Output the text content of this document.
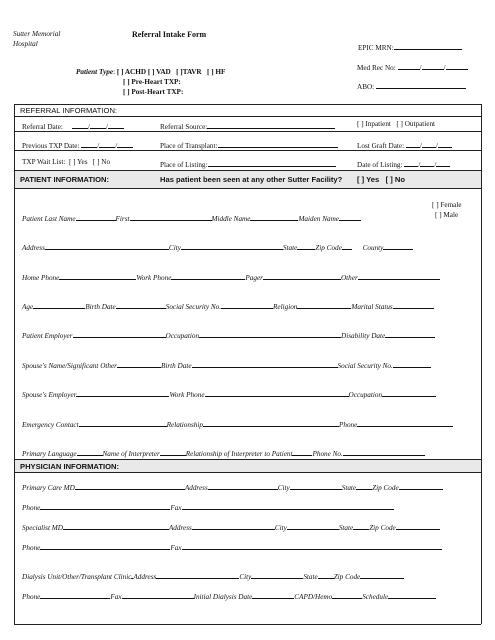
Sutter Memorial
Hospital
Referral Intake Form
EPIC MRN:
Med Rec No:	/	/
ABO:
Patient Type: [ ] ACHD [ ] VAD [ ]TAVR [ ] HF
[ ] Pre-Heart TXP:
[ ] Post-Heart TXP:
REFERRAL INFORMATION:
Referral Date:	/ /	Referral Source:	[ ] Inpatient [ ] Outpatient
Previous TXP Date: / /	Place of Transplant:	Lost Graft Date: / /
TXP Wait List: [ ] Yes [ ] No	Place of Listing:	Date of Listing: / /
PATIENT INFORMATION:	Has patient been seen at any other Sutter Facility? [ ] Yes [ ] No
[ ] Female
[ ] Male
Patient Last Name	First	Middle Name	Maiden Name
Address	City	State	Zip Code	County
Home Phone	Work Phone	Pager	Other
Age	Birth Date	Social Security No.	Religion	Marital Status
Patient Employer	Occupation	Disability Date
Spouse's Name/Significant Other	Birth Date	Social Security No.
Spouse's Employer	Work Phone	Occupation
Emergency Contact	Relationship	Phone
Primary Language	Name of Interpreter	Relationship of Interpreter to Patient	Phone No.
PHYSICIAN INFORMATION:
Primary Care MD	Address	City	State Zip Code
Phone	Fax
Specialist MD	Address	City	State Zip Code
Phone	Fax
Dialysis Unit/Other/Transplant Clinic Address	City	State Zip Code
Phone	Fax	Initial Dialysis Date	CAPD/Hemo	Schedule
